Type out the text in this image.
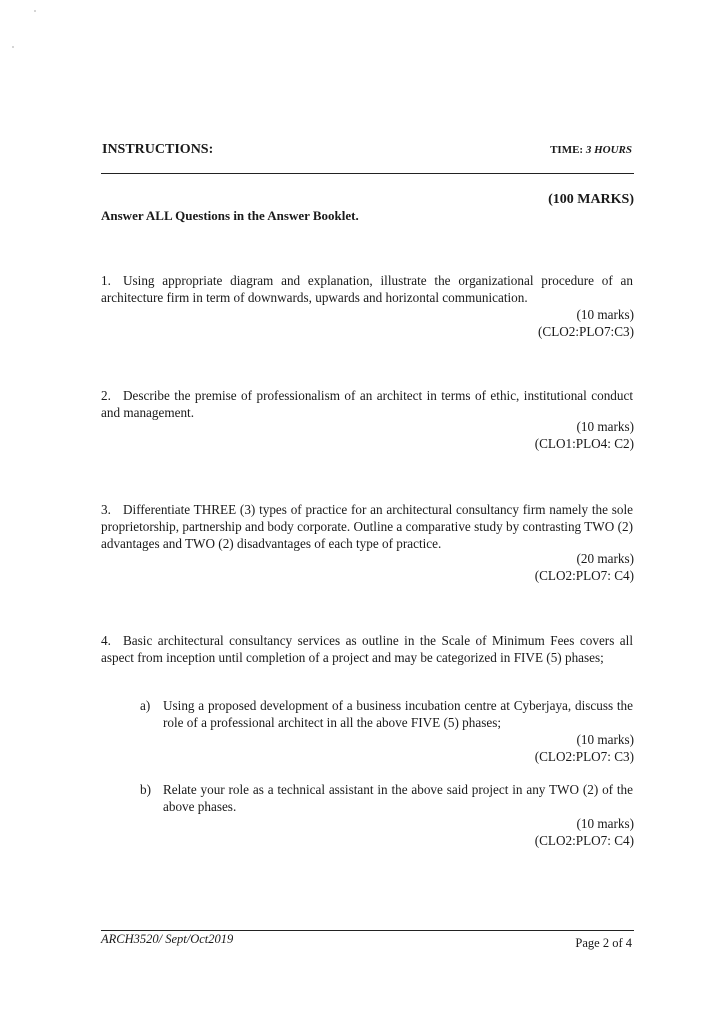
INSTRUCTIONS:	TIME: 3 HOURS
(100 MARKS)
Answer ALL Questions in the Answer Booklet.
1. Using appropriate diagram and explanation, illustrate the organizational procedure of an architecture firm in term of downwards, upwards and horizontal communication.
(10 marks)
(CLO2:PLO7:C3)
2. Describe the premise of professionalism of an architect in terms of ethic, institutional conduct and management.
(10 marks)
(CLO1:PLO4: C2)
3. Differentiate THREE (3) types of practice for an architectural consultancy firm namely the sole proprietorship, partnership and body corporate. Outline a comparative study by contrasting TWO (2) advantages and TWO (2) disadvantages of each type of practice.
(20 marks)
(CLO2:PLO7: C4)
4. Basic architectural consultancy services as outline in the Scale of Minimum Fees covers all aspect from inception until completion of a project and may be categorized in FIVE (5) phases;
a) Using a proposed development of a business incubation centre at Cyberjaya, discuss the role of a professional architect in all the above FIVE (5) phases;
(10 marks)
(CLO2:PLO7: C3)
b) Relate your role as a technical assistant in the above said project in any TWO (2) of the above phases.
(10 marks)
(CLO2:PLO7: C4)
ARCH3520/ Sept/Oct2019	Page 2 of 4
